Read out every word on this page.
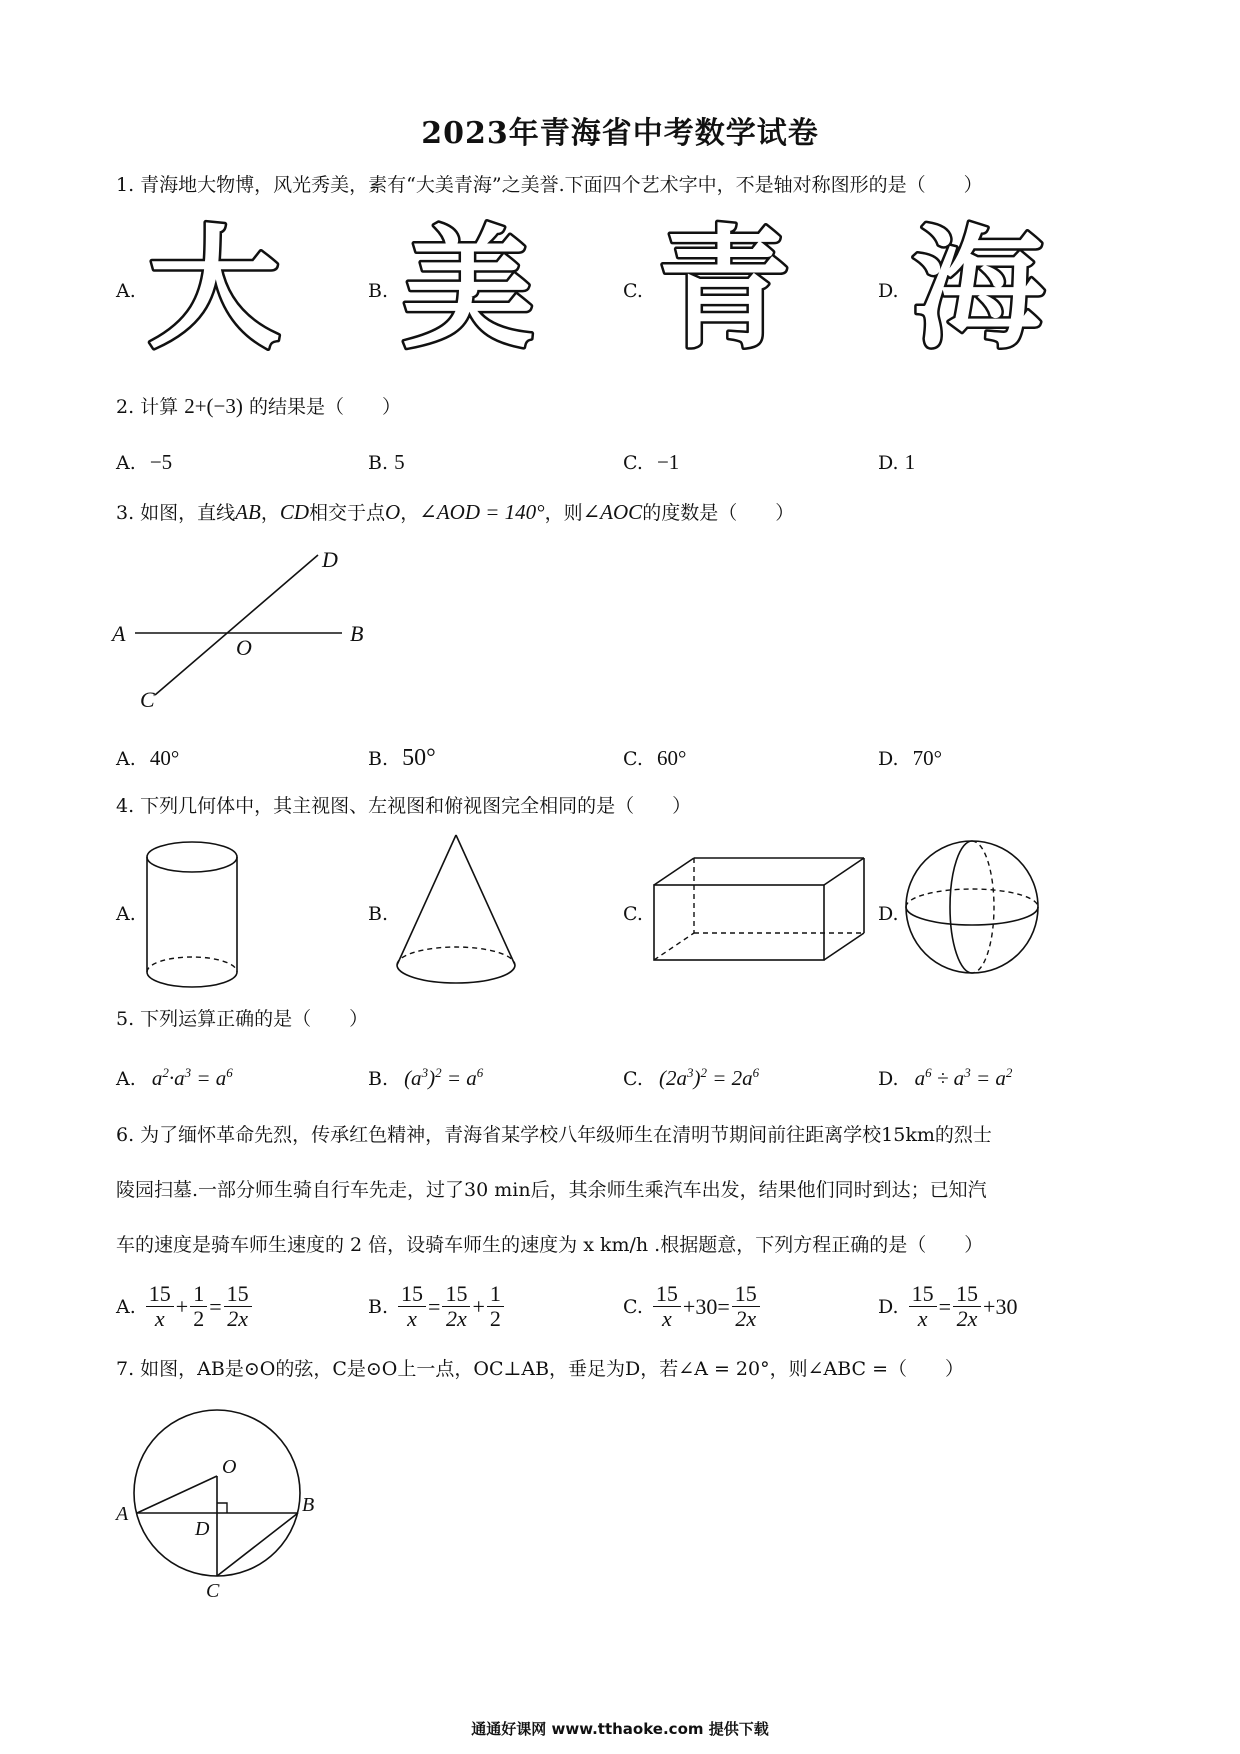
2023年青海省中考数学试卷
1. 青海地大物博，风光秀美，素有“大美青海”之美誉.下面四个艺术字中，不是轴对称图形的是（　　）
A.	B.	C.	D.
大 美 青 海
2. 计算 2+(−3) 的结果是（　　）
A. −5	B. 5	C. −1	D. 1
3. 如图，直线AB，CD相交于点O，∠AOD = 140°，则∠AOC的度数是（　　）
A	B
C
D
O
A. 40°	B. 50°	C. 60°	D. 70°
4. 下列几何体中，其主视图、左视图和俯视图完全相同的是（　　）
A.	B.	C.	D.
5. 下列运算正确的是（　　）
A. $a^2\cdot a^3 = a^6$	B. $(a^3)^2 = a^6$	C. $(2a^3)^2 = 2a^6$	D. $a^6 \div a^3 = a^2$
6. 为了缅怀革命先烈，传承红色精神，青海省某学校八年级师生在清明节期间前往距离学校15km的烈士
陵园扫墓.一部分师生骑自行车先走，过了30 min后，其余师生乘汽车出发，结果他们同时到达；已知汽
车的速度是骑车师生速度的 2 倍，设骑车师生的速度为 x km/h .根据题意，下列方程正确的是（　　）
A. $\frac{15}{x} + \frac{1}{2} = \frac{15}{2x}$	B. $\frac{15}{x} = \frac{15}{2x} + \frac{1}{2}$	C. $\frac{15}{x} + 30 = \frac{15}{2x}$	D. $\frac{15}{x} = \frac{15}{2x} + 30$
7. 如图，AB是⊙O的弦，C是⊙O上一点，OC⊥AB，垂足为D，若∠A = 20°，则∠ABC =（　　）
A	B
C
D
O
通通好课网 www.tthaoke.com 提供下载
